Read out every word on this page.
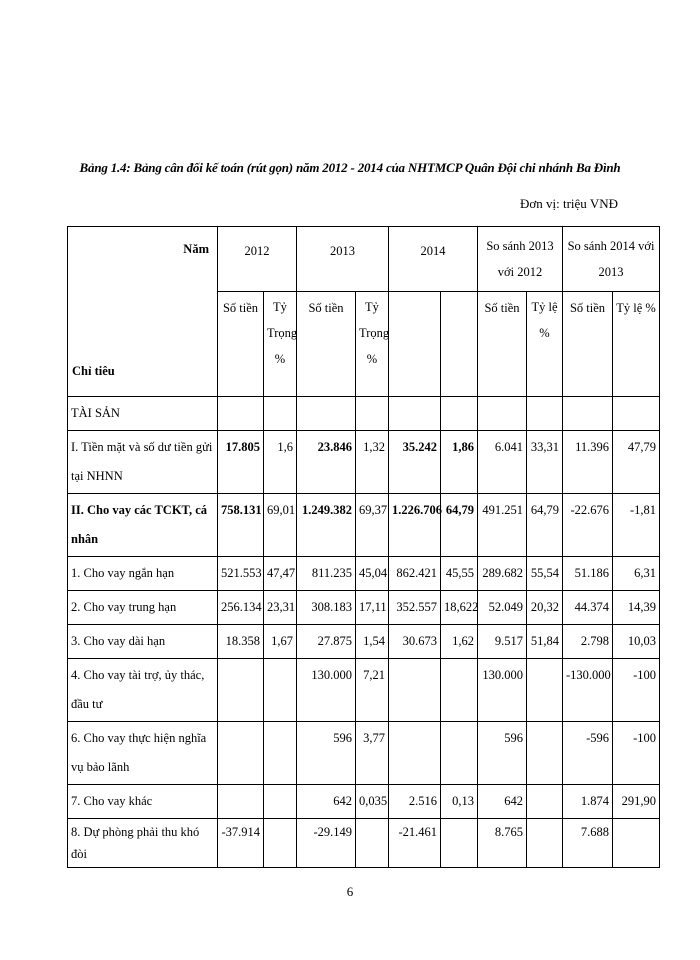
Bảng 1.4: Bảng cân đối kế toán (rút gọn) năm 2012 - 2014 của NHTMCP Quân Đội chi nhánh Ba Đình
Đơn vị: triệu VNĐ
Năm
Chỉ tiêu	2012		2013		2014		So sánh 2013 với 2012		So sánh 2014 với 2013	
	Số tiền	Tỷ Trọng %	Số tiền	Tỷ Trọng %			Số tiền	Tỷ lệ %	Số tiền	Tỷ lệ %
TÀI SẢN										
I. Tiền mặt và số dư tiền gửi tại NHNN	17.805	1,6	23.846	1,32	35.242	1,86	6.041	33,31	11.396	47,79
II. Cho vay các TCKT, cá nhân	758.131	69,01	1.249.382	69,37	1.226.706	64,79	491.251	64,79	-22.676	-1,81
1. Cho vay ngắn hạn	521.553	47,47	811.235	45,04	862.421	45,55	289.682	55,54	51.186	6,31
2. Cho vay trung hạn	256.134	23,31	308.183	17,11	352.557	18,622	52.049	20,32	44.374	14,39
3. Cho vay dài hạn	18.358	1,67	27.875	1,54	30.673	1,62	9.517	51,84	2.798	10,03
4. Cho vay tài trợ, ủy thác, đầu tư			130.000	7,21			130.000		-130.000	-100
6. Cho vay thực hiện nghĩa vụ bảo lãnh			596	3,77			596		-596	-100
7. Cho vay khác			642	0,035	2.516	0,13	642		1.874	291,90
8. Dự phòng phải thu khó đòi	-37.914		-29.149		-21.461		8.765		7.688	
6
